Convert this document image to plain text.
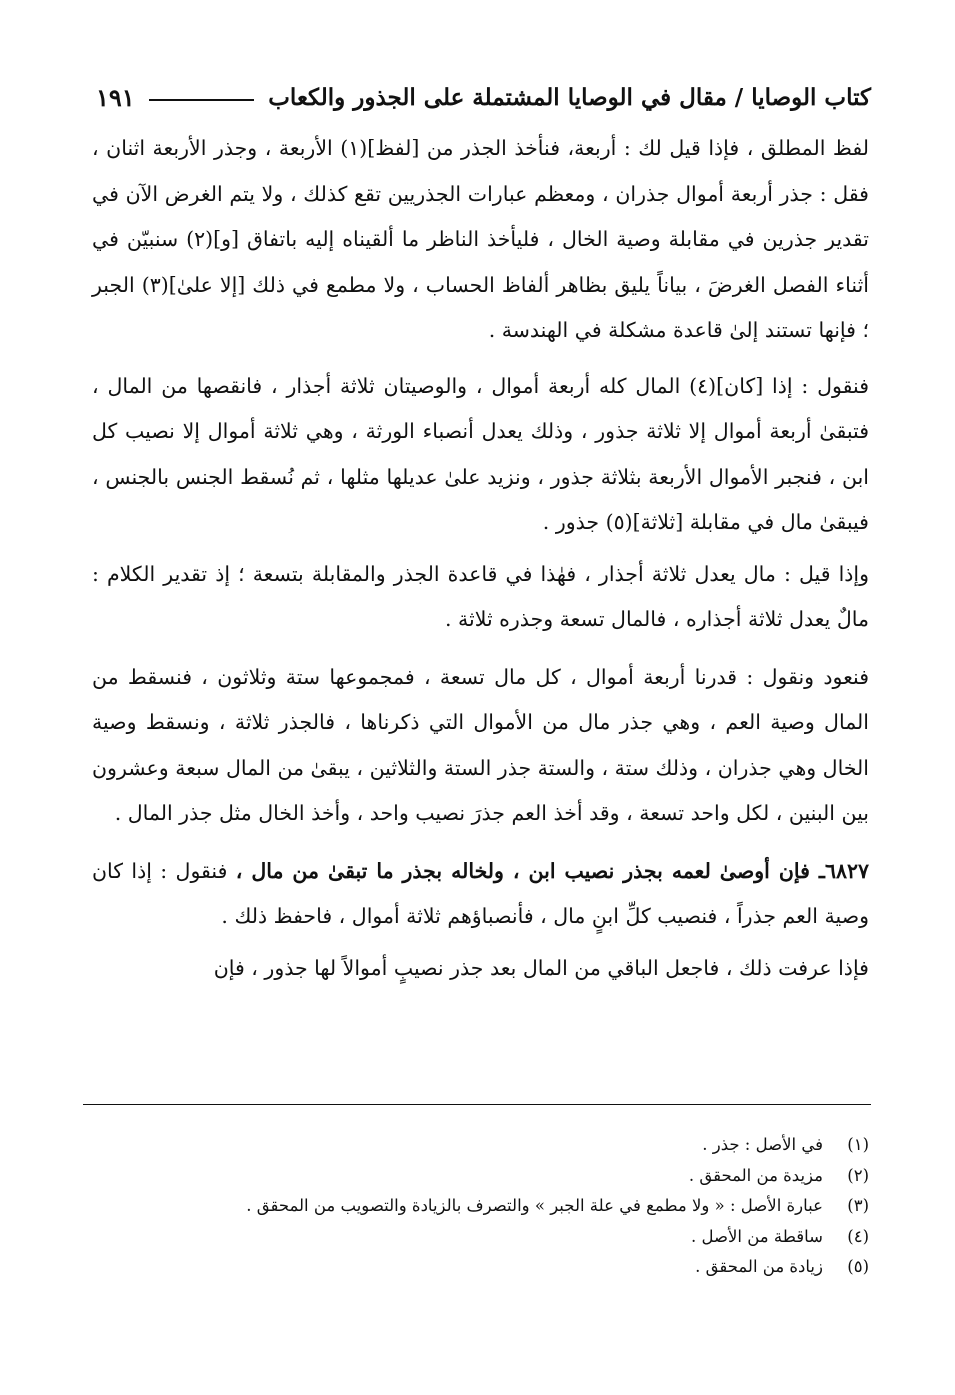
كتاب الوصايا / مقال في الوصايا المشتملة على الجذور والكعاب
١٩١

لفظ المطلق ، فإذا قيل لك : أربعة، فنأخذ الجذر من [لفظ](١) الأربعة ، وجذر الأربعة اثنان ، فقل : جذر أربعة أموال جذران ، ومعظم عبارات الجذريين تقع كذلك ، ولا يتم الغرض الآن في تقدير جذرين في مقابلة وصية الخال ، فليأخذ الناظر ما ألقيناه إليه باتفاق [و](٢) سنبيّن في أثناء الفصل الغرضَ ، بياناً يليق بظاهر ألفاظ الحساب ، ولا مطمع في ذلك [إلا علىٰ](٣) الجبر ؛ فإنها تستند إلىٰ قاعدة مشكلة في الهندسة .

فنقول : إذا [كان](٤) المال كله أربعة أموال ، والوصيتان ثلاثة أجذار ، فانقصها من المال ، فتبقىٰ أربعة أموال إلا ثلاثة جذور ، وذلك يعدل أنصباء الورثة ، وهي ثلاثة أموال إلا نصيب كل ابن ، فنجبر الأموال الأربعة بثلاثة جذور ، ونزيد علىٰ عديلها مثلها ، ثم نُسقط الجنس بالجنس ، فيبقىٰ مال في مقابلة [ثلاثة](٥) جذور .

وإذا قيل : مال يعدل ثلاثة أجذار ، فهٰذا في قاعدة الجذر والمقابلة بتسعة ؛ إذ تقدير الكلام : مالٌ يعدل ثلاثة أجذاره ، فالمال تسعة وجذره ثلاثة .

فنعود ونقول : قدرنا أربعة أموال ، كل مال تسعة ، فمجموعها ستة وثلاثون ، فنسقط من المال وصية العم ، وهي جذر مال من الأموال التي ذكرناها ، فالجذر ثلاثة ، ونسقط وصية الخال وهي جذران ، وذلك ستة ، والستة جذر الستة والثلاثين ، يبقىٰ من المال سبعة وعشرون بين البنين ، لكل واحد تسعة ، وقد أخذ العم جذرَ نصيب واحد ، وأخذ الخال مثل جذر المال .

٦٨٢٧ـ فإن أوصىٰ لعمه بجذر نصيب ابن ، ولخاله بجذر ما تبقىٰ من مال ، فنقول : إذا كان وصية العم جذراً ، فنصيب كلِّ ابنٍ مال ، فأنصباؤهم ثلاثة أموال ، فاحفظ ذلك .

فإذا عرفت ذلك ، فاجعل الباقي من المال بعد جذر نصيبٍ أموالاً لها جذور ، فإن

(١)
في الأصل : جذر .
(٢)
مزيدة من المحقق .
(٣)
عبارة الأصل : « ولا مطمع في علة الجبر » والتصرف بالزيادة والتصويب من المحقق .
(٤)
ساقطة من الأصل .
(٥)
زيادة من المحقق .
